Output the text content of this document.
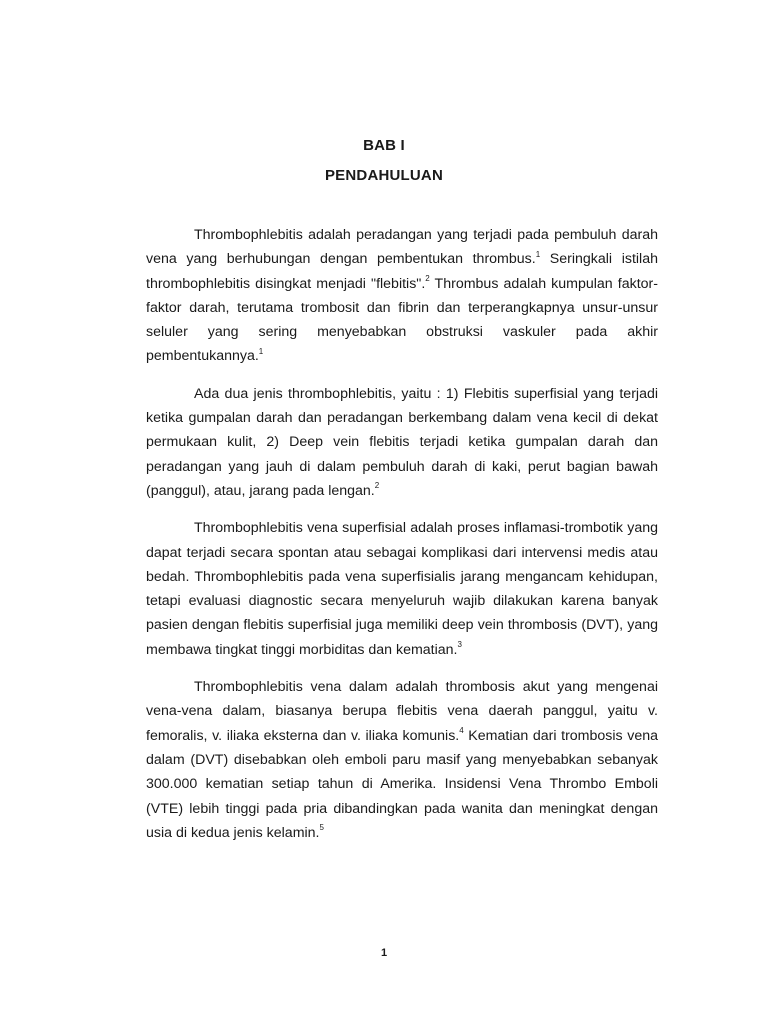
BAB I
PENDAHULUAN

Thrombophlebitis adalah peradangan yang terjadi pada pembuluh darah vena yang berhubungan dengan pembentukan thrombus.$^1$ Seringkali istilah thrombophlebitis disingkat menjadi "flebitis".$^2$ Thrombus adalah kumpulan faktor-faktor darah, terutama trombosit dan fibrin dan terperangkapnya unsur-unsur seluler yang sering menyebabkan obstruksi vaskuler pada akhir pembentukannya.$^1$

Ada dua jenis thrombophlebitis, yaitu : 1) Flebitis superfisial yang terjadi ketika gumpalan darah dan peradangan berkembang dalam vena kecil di dekat permukaan kulit, 2) Deep vein flebitis terjadi ketika gumpalan darah dan peradangan yang jauh di dalam pembuluh darah di kaki, perut bagian bawah (panggul), atau, jarang pada lengan.$^2$

Thrombophlebitis vena superfisial adalah proses inflamasi-trombotik yang dapat terjadi secara spontan atau sebagai komplikasi dari intervensi medis atau bedah. Thrombophlebitis pada vena superfisialis jarang mengancam kehidupan, tetapi evaluasi diagnostic secara menyeluruh wajib dilakukan karena banyak pasien dengan flebitis superfisial juga memiliki deep vein thrombosis (DVT), yang membawa tingkat tinggi morbiditas dan kematian.$^3$

Thrombophlebitis vena dalam adalah thrombosis akut yang mengenai vena-vena dalam, biasanya berupa flebitis vena daerah panggul, yaitu v. femoralis, v. iliaka eksterna dan v. iliaka komunis.$^4$ Kematian dari trombosis vena dalam (DVT) disebabkan oleh emboli paru masif yang menyebabkan sebanyak 300.000 kematian setiap tahun di Amerika. Insidensi Vena Thrombo Emboli (VTE) lebih tinggi pada pria dibandingkan pada wanita dan meningkat dengan usia di kedua jenis kelamin.$^5$

1
